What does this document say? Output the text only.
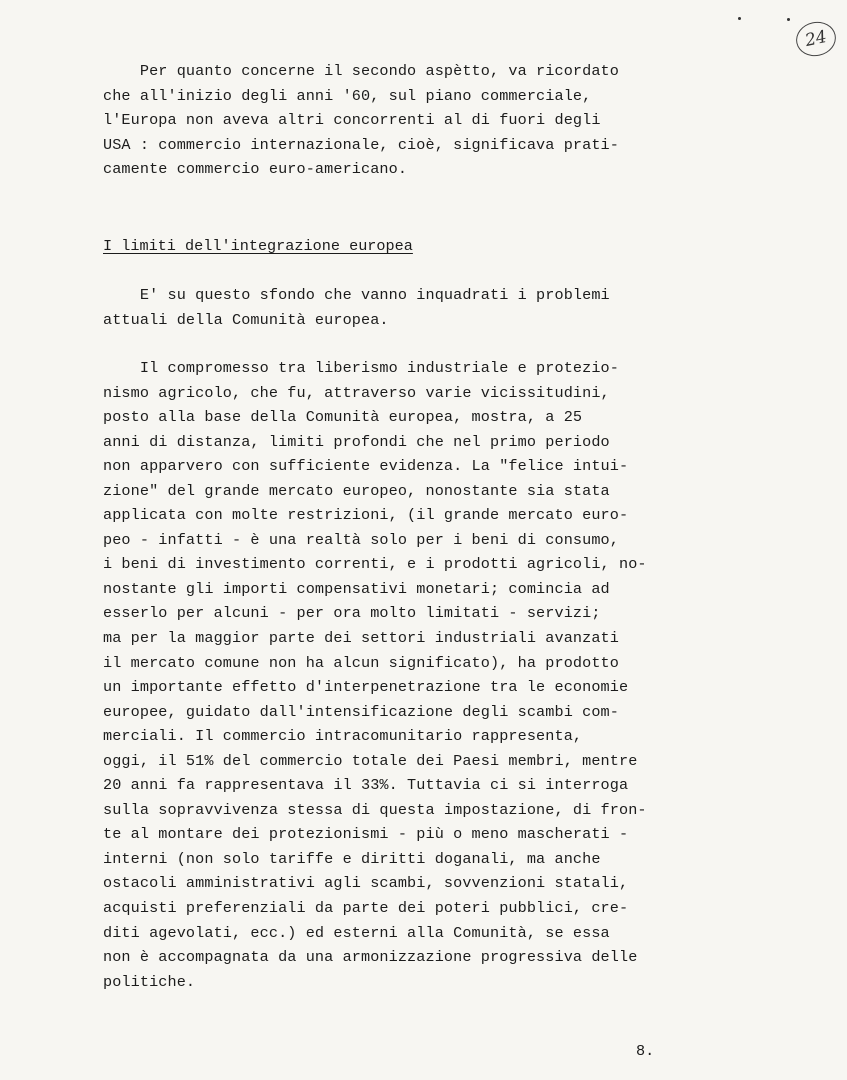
24
Per quanto concerne il secondo aspètto, va ricordato
che all'inizio degli anni '60, sul piano commerciale,
l'Europa non aveva altri concorrenti al di fuori degli
USA : commercio internazionale, cioè, significava prati-
camente commercio euro-americano.
I limiti dell'integrazione europea
E' su questo sfondo che vanno inquadrati i problemi
attuali della Comunità europea.
Il compromesso tra liberismo industriale e protezio-
nismo agricolo, che fu, attraverso varie vicissitudini,
posto alla base della Comunità europea, mostra, a 25
anni di distanza, limiti profondi che nel primo periodo
non apparvero con sufficiente evidenza. La "felice intui-
zione" del grande mercato europeo, nonostante sia stata
applicata con molte restrizioni, (il grande mercato euro-
peo - infatti - è una realtà solo per i beni di consumo,
i beni di investimento correnti, e i prodotti agricoli, no-
nostante gli importi compensativi monetari; comincia ad
esserlo per alcuni - per ora molto limitati - servizi;
ma per la maggior parte dei settori industriali avanzati
il mercato comune non ha alcun significato), ha prodotto
un importante effetto d'interpenetrazione tra le economie
europee, guidato dall'intensificazione degli scambi com-
merciali. Il commercio intracomunitario rappresenta,
oggi, il 51% del commercio totale dei Paesi membri, mentre
20 anni fa rappresentava il 33%. Tuttavia ci si interroga
sulla sopravvivenza stessa di questa impostazione, di fron-
te al montare dei protezionismi - più o meno mascherati -
interni (non solo tariffe e diritti doganali, ma anche
ostacoli amministrativi agli scambi, sovvenzioni statali,
acquisti preferenziali da parte dei poteri pubblici, cre-
diti agevolati, ecc.) ed esterni alla Comunità, se essa
non è accompagnata da una armonizzazione progressiva delle
politiche.
8.
